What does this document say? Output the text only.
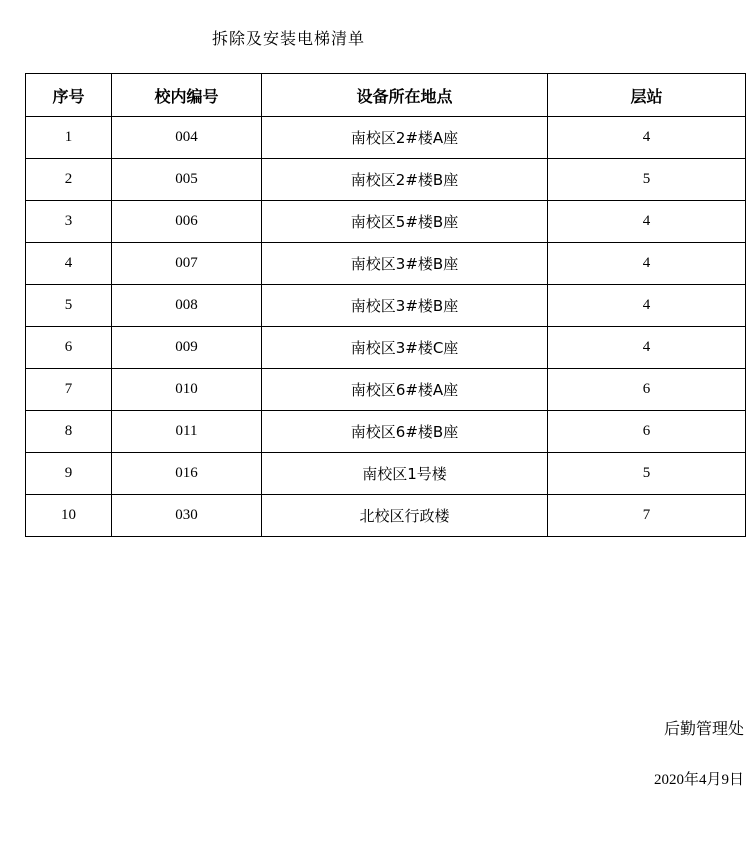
拆除及安装电梯清单
序号	校内编号	设备所在地点	层站
1	004	南校区2#楼A座	4
2	005	南校区2#楼B座	5
3	006	南校区5#楼B座	4
4	007	南校区3#楼B座	4
5	008	南校区3#楼B座	4
6	009	南校区3#楼C座	4
7	010	南校区6#楼A座	6
8	011	南校区6#楼B座	6
9	016	南校区1号楼	5
10	030	北校区行政楼	7
后勤管理处
2020年4月9日
